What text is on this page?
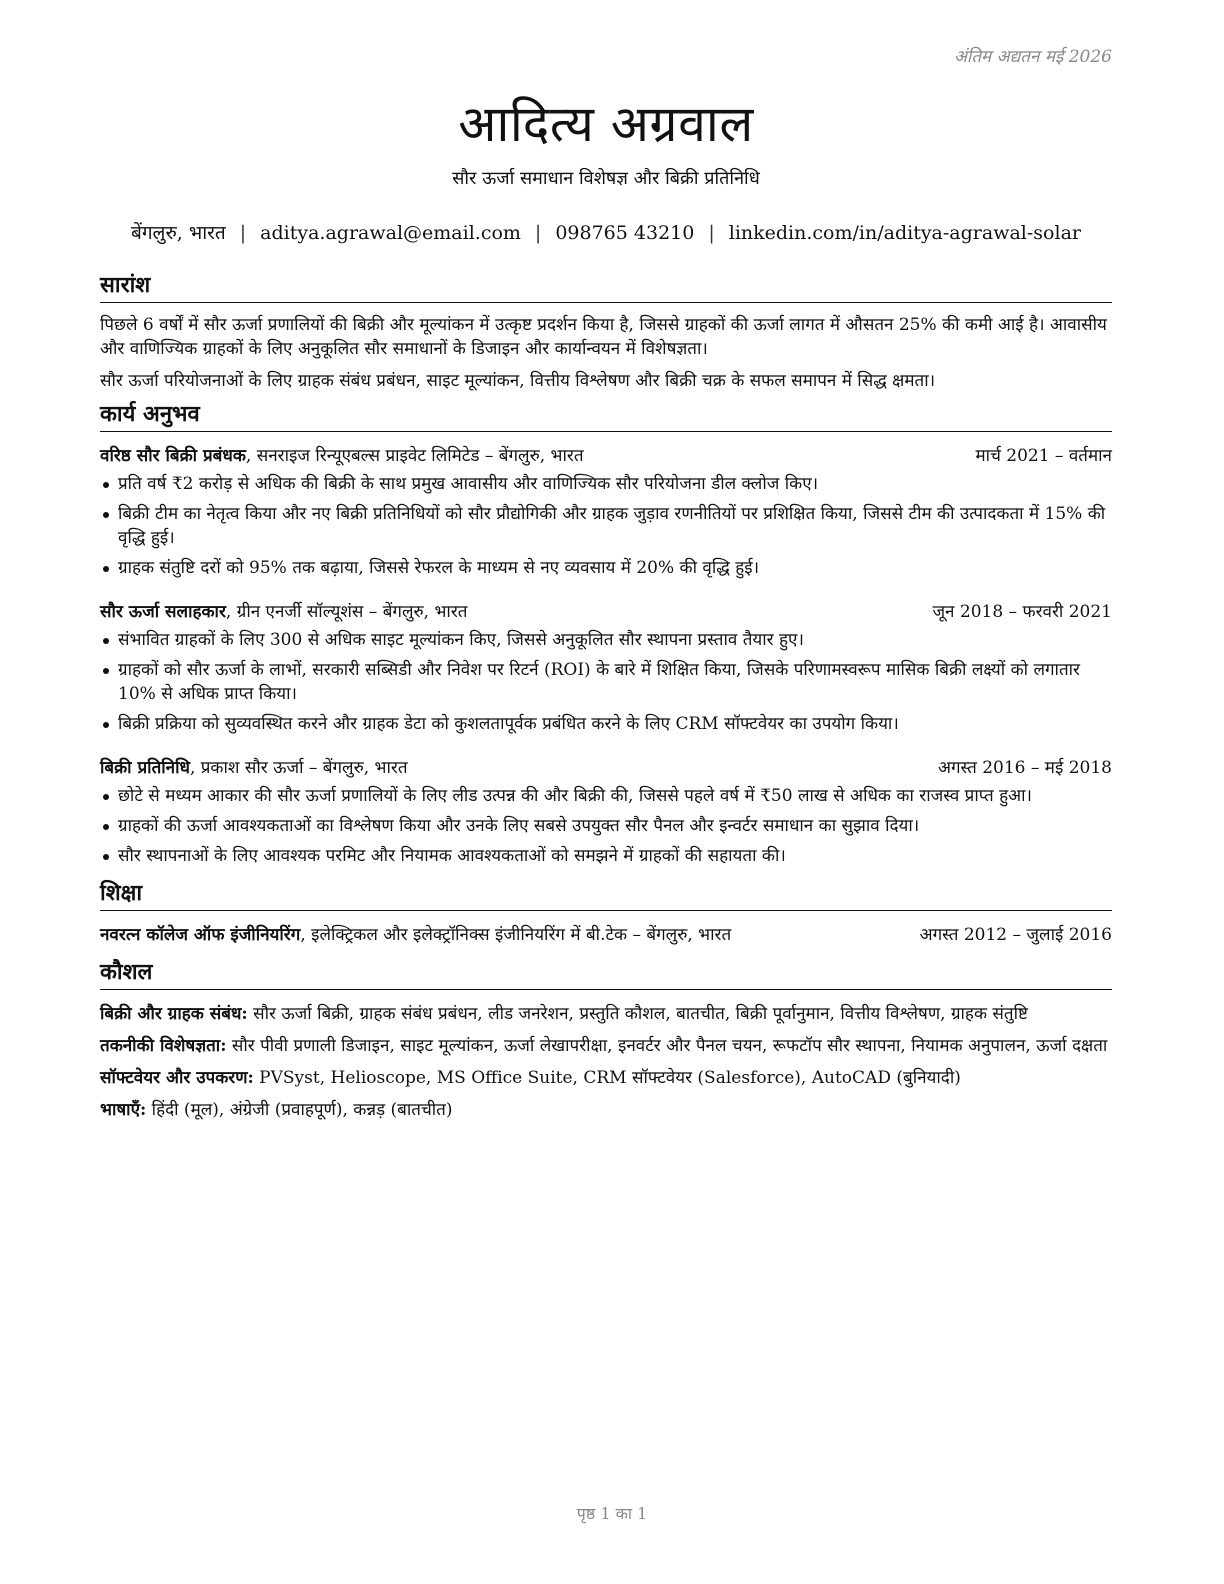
अंतिम अद्यतन मई 2026
आदित्य अग्रवाल
सौर ऊर्जा समाधान विशेषज्ञ और बिक्री प्रतिनिधि
बेंगलुरु, भारत | aditya.agrawal@email.com | 098765 43210 | linkedin.com/in/aditya-agrawal-solar
सारांश

पिछले 6 वर्षों में सौर ऊर्जा प्रणालियों की बिक्री और मूल्यांकन में उत्कृष्ट प्रदर्शन किया है, जिससे ग्राहकों की ऊर्जा लागत में औसतन 25% की कमी आई है। आवासीय और वाणिज्यिक ग्राहकों के लिए अनुकूलित सौर समाधानों के डिजाइन और कार्यान्वयन में विशेषज्ञता।

सौर ऊर्जा परियोजनाओं के लिए ग्राहक संबंध प्रबंधन, साइट मूल्यांकन, वित्तीय विश्लेषण और बिक्री चक्र के सफल समापन में सिद्ध क्षमता।

कार्य अनुभव
वरिष्ठ सौर बिक्री प्रबंधक, सनराइज रिन्यूएबल्स प्राइवेट लिमिटेड – बेंगलुरु, भारत	मार्च 2021 – वर्तमान
प्रति वर्ष ₹2 करोड़ से अधिक की बिक्री के साथ प्रमुख आवासीय और वाणिज्यिक सौर परियोजना डील क्लोज किए।
बिक्री टीम का नेतृत्व किया और नए बिक्री प्रतिनिधियों को सौर प्रौद्योगिकी और ग्राहक जुड़ाव रणनीतियों पर प्रशिक्षित किया, जिससे टीम की उत्पादकता में 15% की वृद्धि हुई।
ग्राहक संतुष्टि दरों को 95% तक बढ़ाया, जिससे रेफरल के माध्यम से नए व्यवसाय में 20% की वृद्धि हुई।
सौर ऊर्जा सलाहकार, ग्रीन एनर्जी सॉल्यूशंस – बेंगलुरु, भारत	जून 2018 – फरवरी 2021
संभावित ग्राहकों के लिए 300 से अधिक साइट मूल्यांकन किए, जिससे अनुकूलित सौर स्थापना प्रस्ताव तैयार हुए।
ग्राहकों को सौर ऊर्जा के लाभों, सरकारी सब्सिडी और निवेश पर रिटर्न (ROI) के बारे में शिक्षित किया, जिसके परिणामस्वरूप मासिक बिक्री लक्ष्यों को लगातार 10% से अधिक प्राप्त किया।
बिक्री प्रक्रिया को सुव्यवस्थित करने और ग्राहक डेटा को कुशलतापूर्वक प्रबंधित करने के लिए CRM सॉफ्टवेयर का उपयोग किया।
बिक्री प्रतिनिधि, प्रकाश सौर ऊर्जा – बेंगलुरु, भारत	अगस्त 2016 – मई 2018
छोटे से मध्यम आकार की सौर ऊर्जा प्रणालियों के लिए लीड उत्पन्न की और बिक्री की, जिससे पहले वर्ष में ₹50 लाख से अधिक का राजस्व प्राप्त हुआ।
ग्राहकों की ऊर्जा आवश्यकताओं का विश्लेषण किया और उनके लिए सबसे उपयुक्त सौर पैनल और इन्वर्टर समाधान का सुझाव दिया।
सौर स्थापनाओं के लिए आवश्यक परमिट और नियामक आवश्यकताओं को समझने में ग्राहकों की सहायता की।
शिक्षा
नवरत्न कॉलेज ऑफ इंजीनियरिंग, इलेक्ट्रिकल और इलेक्ट्रॉनिक्स इंजीनियरिंग में बी.टेक – बेंगलुरु, भारत	अगस्त 2012 – जुलाई 2016
कौशल

बिक्री और ग्राहक संबंध: सौर ऊर्जा बिक्री, ग्राहक संबंध प्रबंधन, लीड जनरेशन, प्रस्तुति कौशल, बातचीत, बिक्री पूर्वानुमान, वित्तीय विश्लेषण, ग्राहक संतुष्टि

तकनीकी विशेषज्ञता: सौर पीवी प्रणाली डिजाइन, साइट मूल्यांकन, ऊर्जा लेखापरीक्षा, इनवर्टर और पैनल चयन, रूफटॉप सौर स्थापना, नियामक अनुपालन, ऊर्जा दक्षता

सॉफ्टवेयर और उपकरण: PVSyst, Helioscope, MS Office Suite, CRM सॉफ्टवेयर (Salesforce), AutoCAD (बुनियादी)

भाषाएँ: हिंदी (मूल), अंग्रेजी (प्रवाहपूर्ण), कन्नड़ (बातचीत)

पृष्ठ 1 का 1
